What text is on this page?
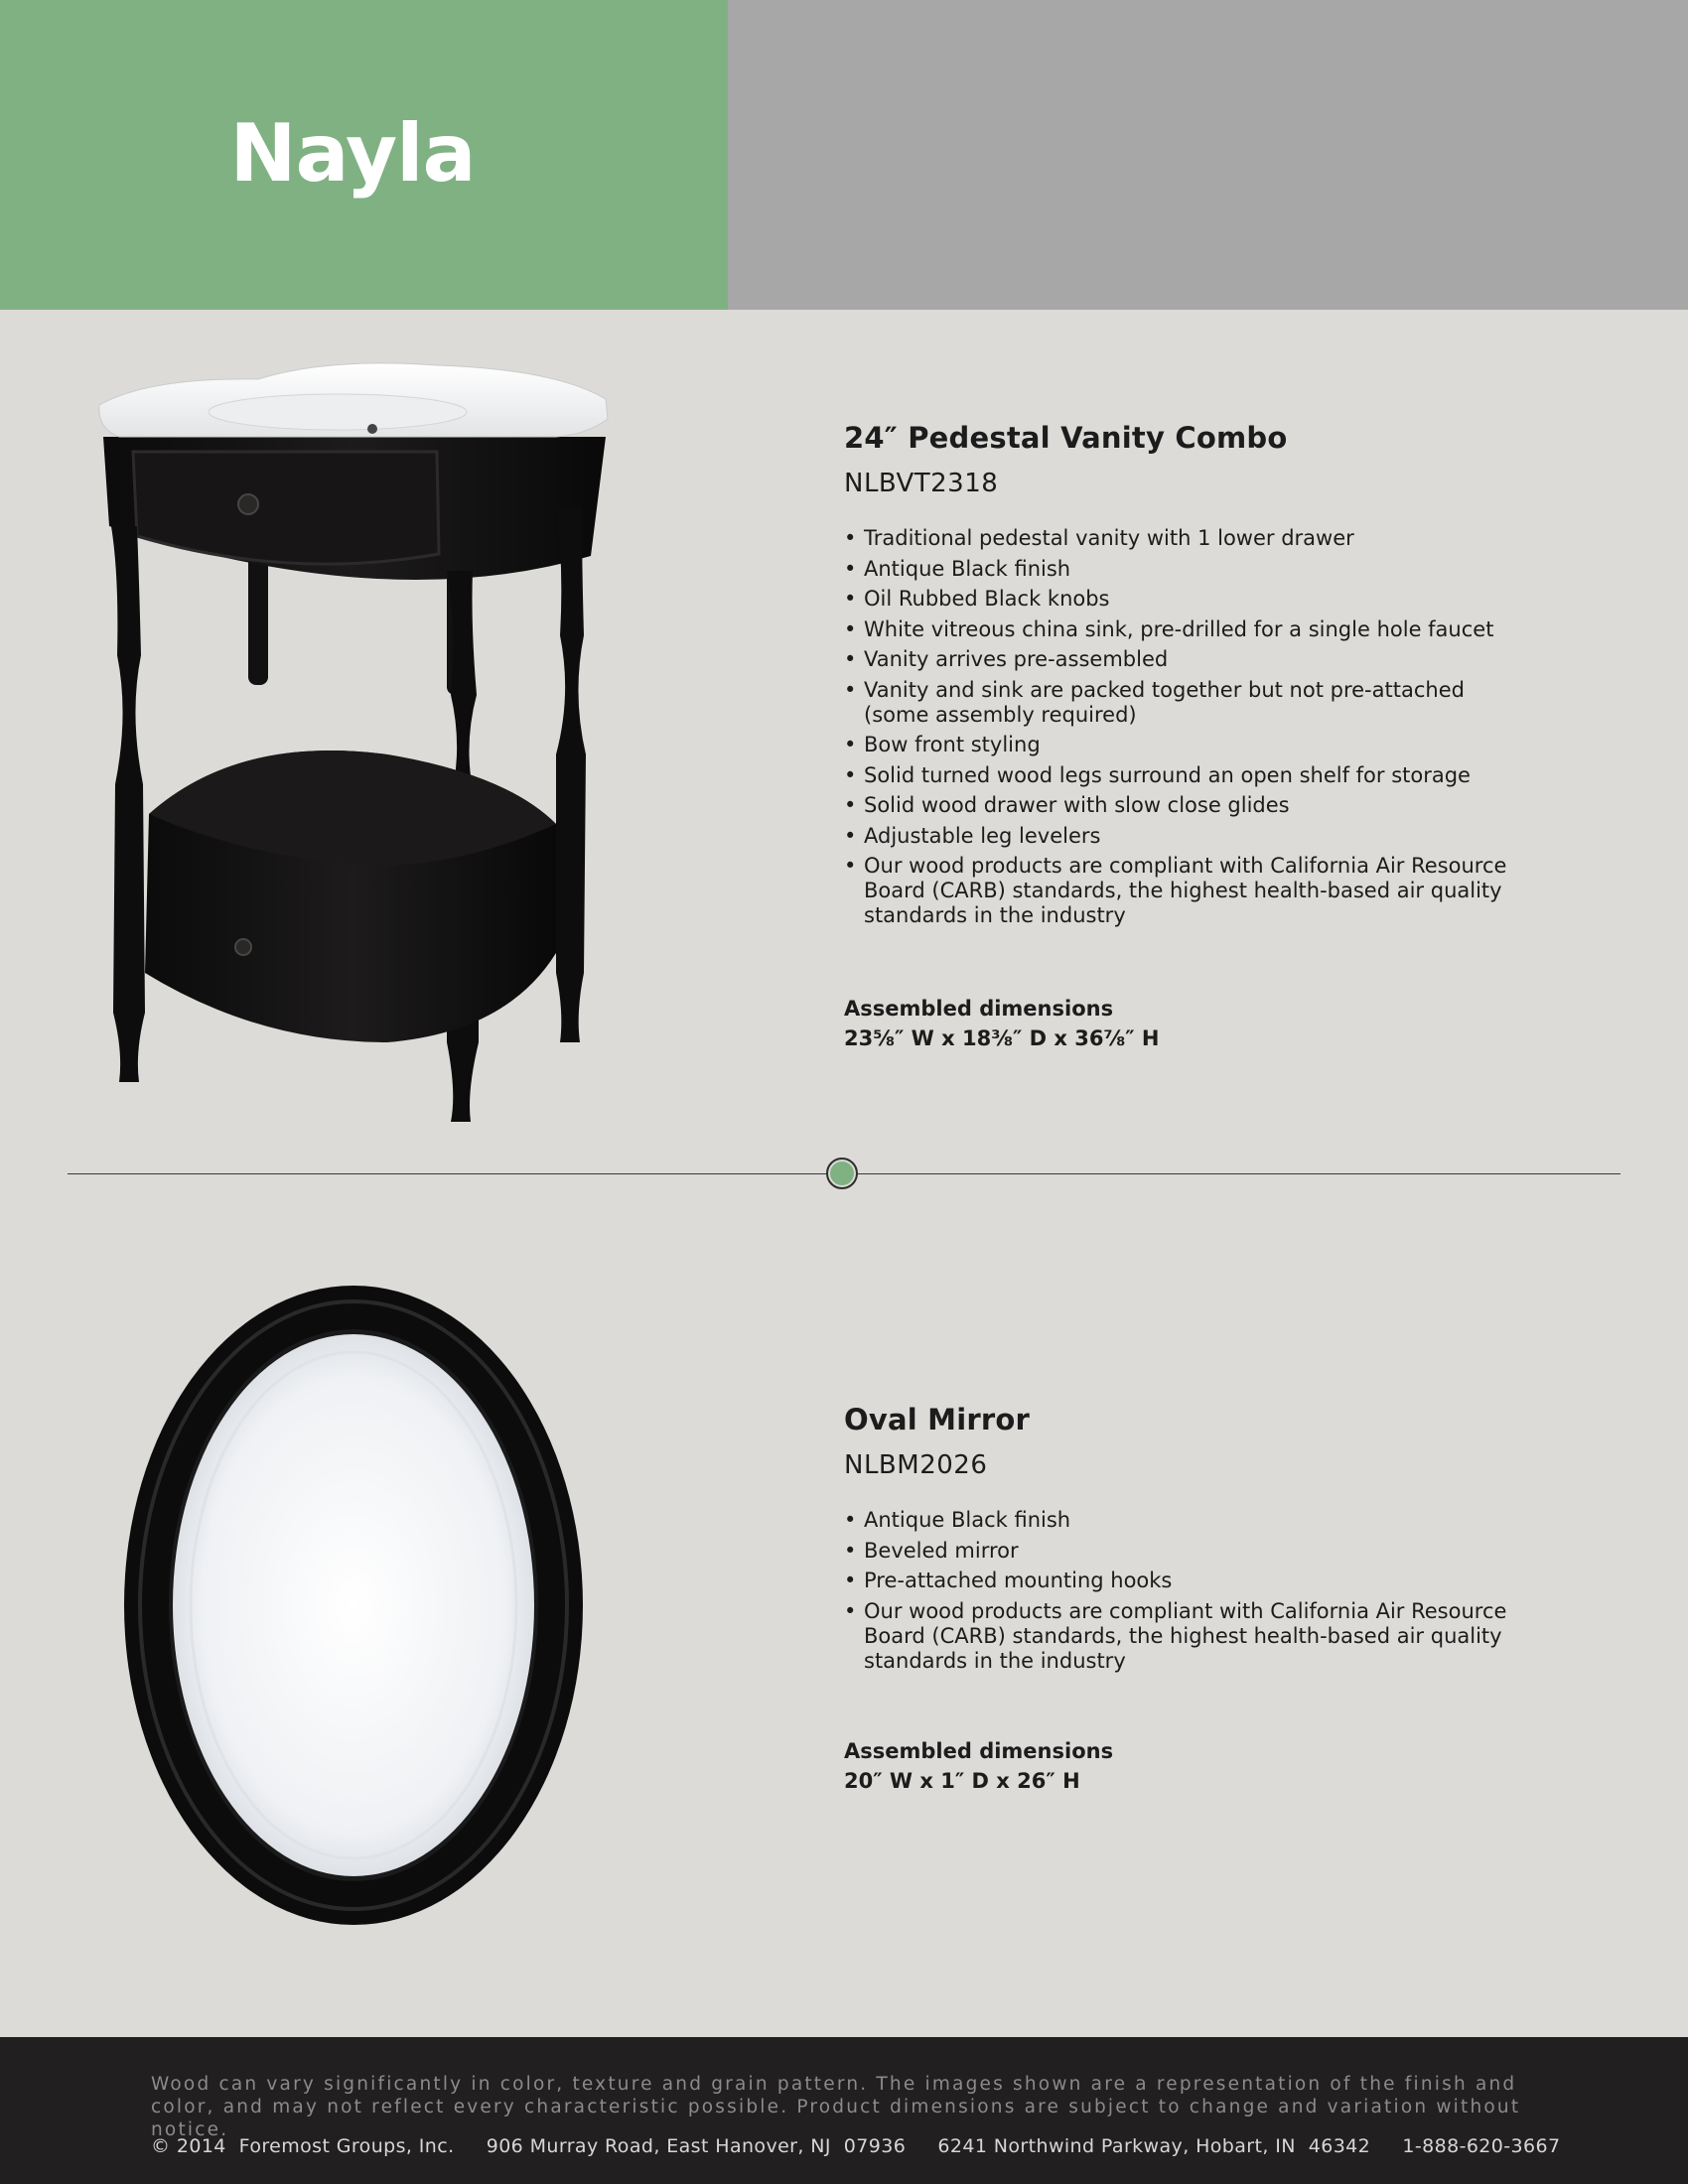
Nayla
24″ Pedestal Vanity Combo

NLBVT2318

• Traditional pedestal vanity with 1 lower drawer
• Antique Black finish
• Oil Rubbed Black knobs
• White vitreous china sink, pre-drilled for a single hole faucet
• Vanity arrives pre-assembled
• Vanity and sink are packed together but not pre-attached (some assembly required)
• Bow front styling
• Solid turned wood legs surround an open shelf for storage
• Solid wood drawer with slow close glides
• Adjustable leg levelers
• Our wood products are compliant with California Air Resource Board (CARB) standards, the highest health-based air quality standards in the industry

Assembled dimensions

23⅝″ W x 18⅜″ D x 36⅞″ H

Oval Mirror

NLBM2026

• Antique Black finish
• Beveled mirror
• Pre-attached mounting hooks
• Our wood products are compliant with California Air Resource Board (CARB) standards, the highest health-based air quality standards in the industry

Assembled dimensions

20″ W x 1″ D x 26″ H

Wood can vary significantly in color, texture and grain pattern. The images shown are a representation of the finish and color, and may not reflect every characteristic possible. Product dimensions are subject to change and variation without notice.

© 2014  Foremost Groups, Inc.     906 Murray Road, East Hanover, NJ  07936     6241 Northwind Parkway, Hobart, IN  46342     1-888-620-3667
